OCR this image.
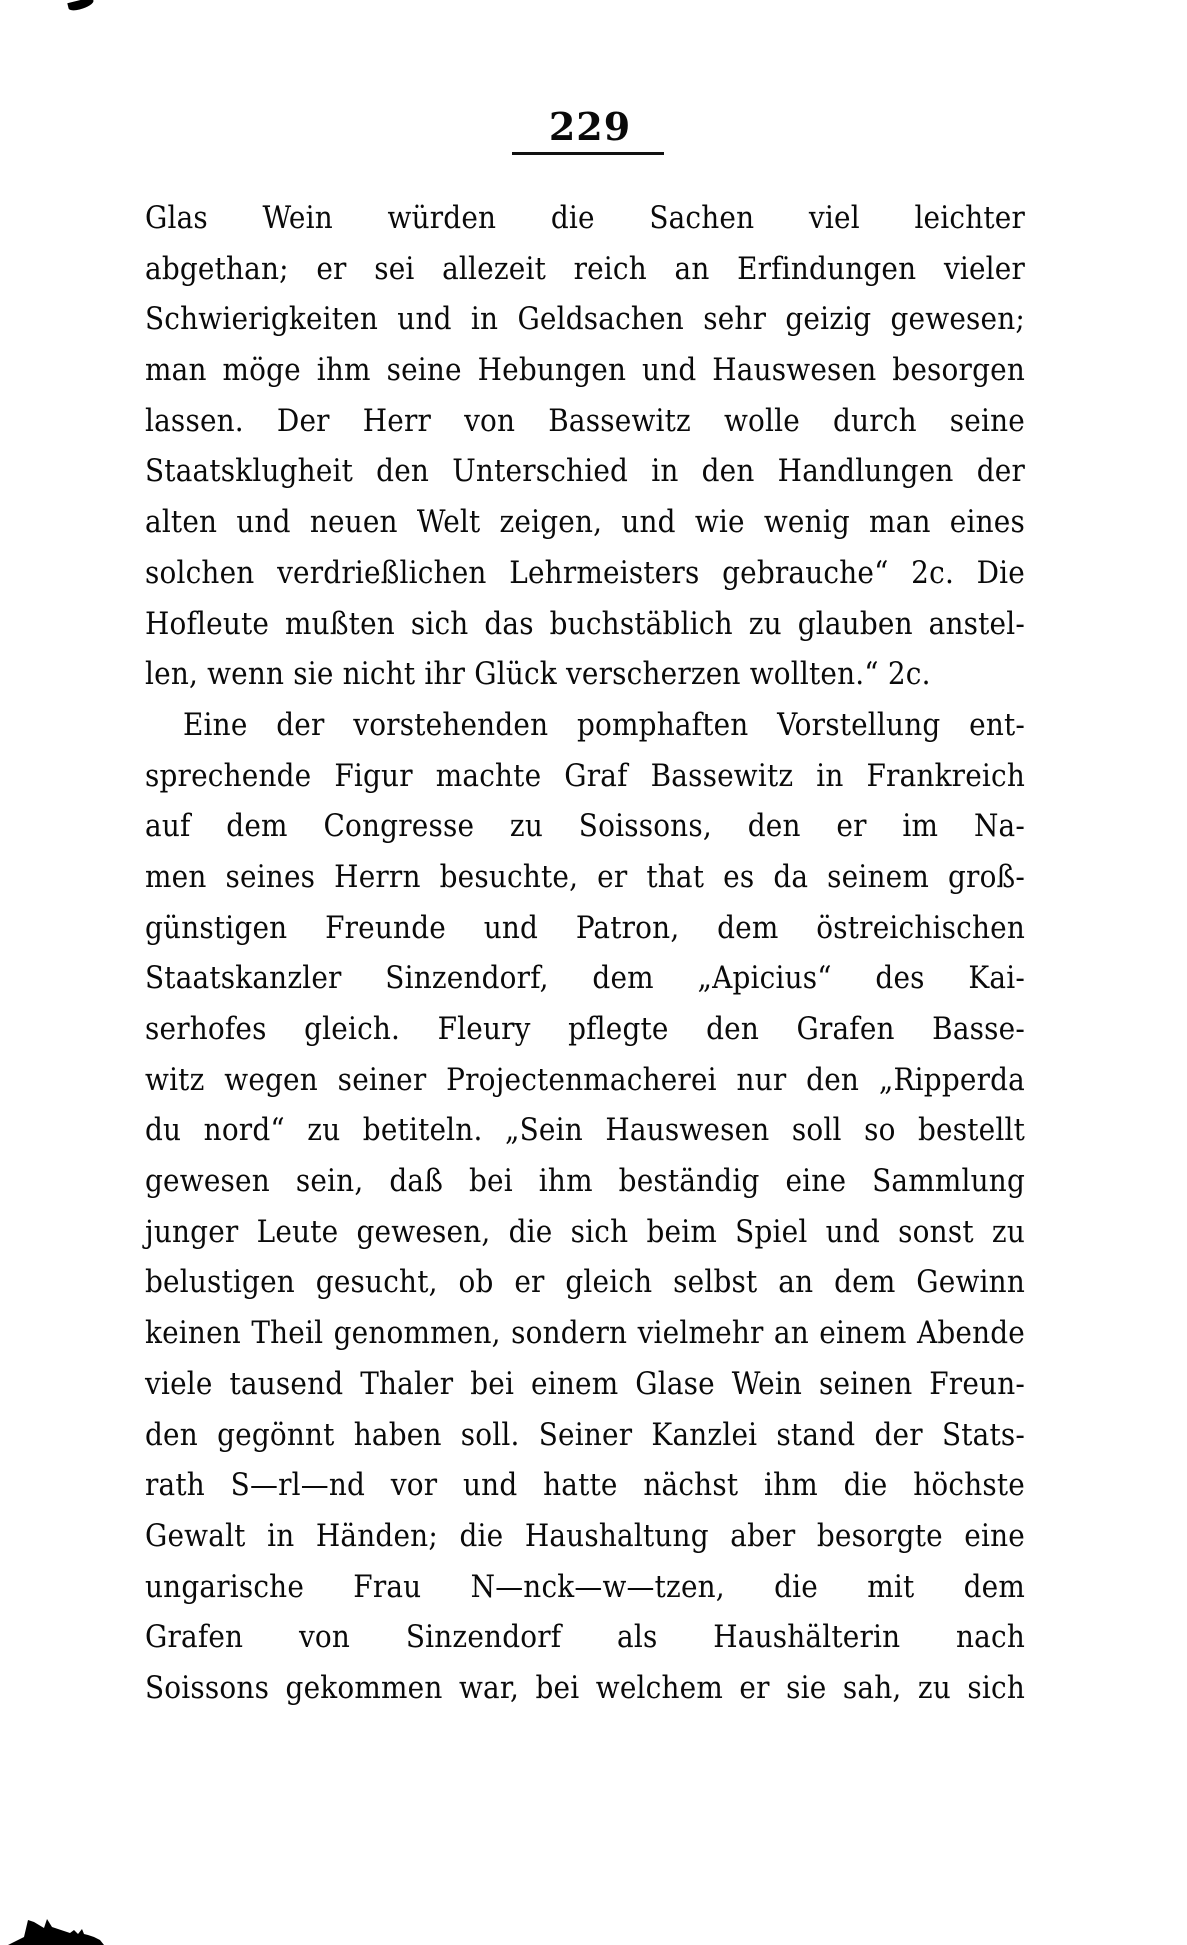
229
Glas Wein würden die Sachen viel leichter
abgethan; er sei allezeit reich an Erfindungen vieler
Schwierigkeiten und in Geldsachen sehr geizig gewesen;
man möge ihm seine Hebungen und Hauswesen besorgen
lassen. Der Herr von Bassewitz wolle durch seine
Staatsklugheit den Unterschied in den Handlungen der
alten und neuen Welt zeigen, und wie wenig man eines
solchen verdrießlichen Lehrmeisters gebrauche“ 2c. Die
Hofleute mußten sich das buchstäblich zu glauben anstel-
len, wenn sie nicht ihr Glück verscherzen wollten.“ 2c.
Eine der vorstehenden pomphaften Vorstellung ent-
sprechende Figur machte Graf Bassewitz in Frankreich
auf dem Congresse zu Soissons, den er im Na-
men seines Herrn besuchte, er that es da seinem groß-
günstigen Freunde und Patron, dem östreichischen
Staatskanzler Sinzendorf, dem „Apicius“ des Kai-
serhofes gleich. Fleury pflegte den Grafen Basse-
witz wegen seiner Projectenmacherei nur den „Ripperda
du nord“ zu betiteln. „Sein Hauswesen soll so bestellt
gewesen sein, daß bei ihm beständig eine Sammlung
junger Leute gewesen, die sich beim Spiel und sonst zu
belustigen gesucht, ob er gleich selbst an dem Gewinn
keinen Theil genommen, sondern vielmehr an einem Abende
viele tausend Thaler bei einem Glase Wein seinen Freun-
den gegönnt haben soll. Seiner Kanzlei stand der Stats-
rath S—rl—nd vor und hatte nächst ihm die höchste
Gewalt in Händen; die Haushaltung aber besorgte eine
ungarische Frau N—nck—w—tzen, die mit dem
Grafen von Sinzendorf als Haushälterin nach
Soissons gekommen war, bei welchem er sie sah, zu sich
